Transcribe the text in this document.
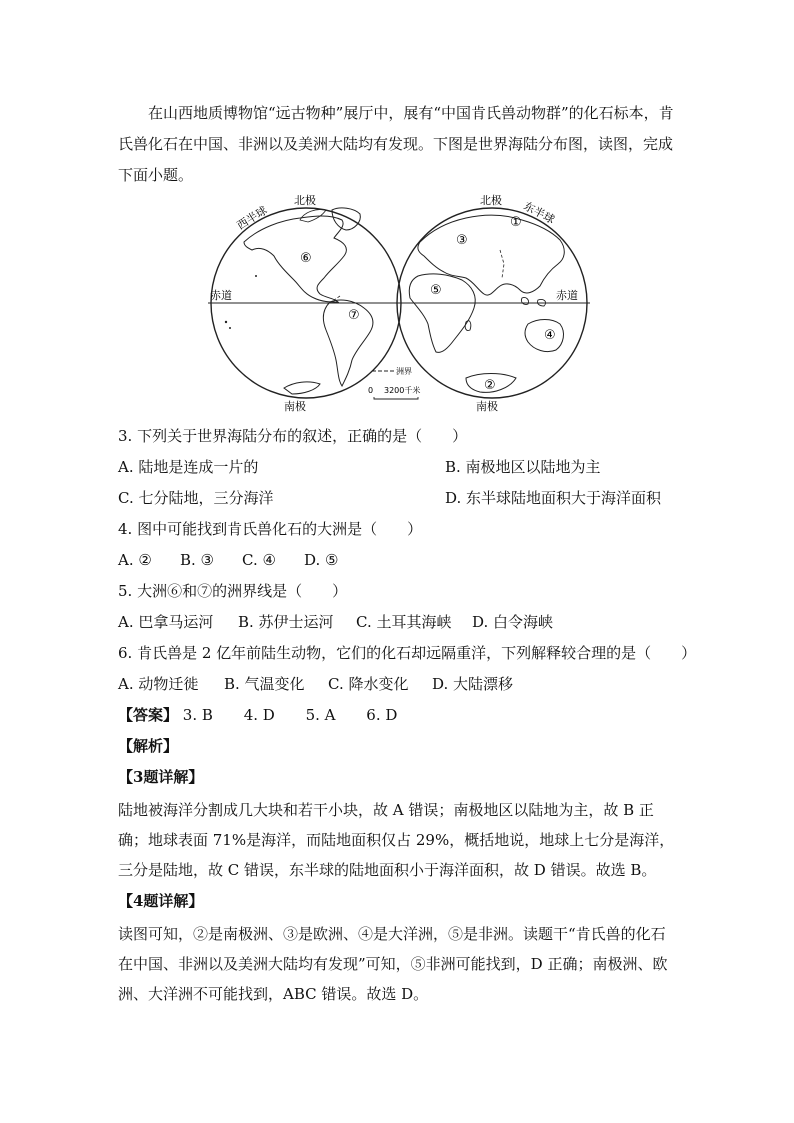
在山西地质博物馆“远古物种”展厅中，展有“中国肯氏兽动物群”的化石标本，肯氏兽化石在中国、非洲以及美洲大陆均有发现。下图是世界海陆分布图，读图，完成下面小题。

西半球	东半球
北极	北极
南极	南极
赤道	赤道
①
②
③
④
⑤
⑥
⑦
洲界
0 3200千米
3. 下列关于世界海陆分布的叙述，正确的是（　　）
A. 陆地是连成一片的	B. 南极地区以陆地为主
C. 七分陆地，三分海洋	D. 东半球陆地面积大于海洋面积
4. 图中可能找到肯氏兽化石的大洲是（　　）
A. ② B. ③ C. ④ D. ⑤
5. 大洲⑥和⑦的洲界线是（　　）
A. 巴拿马运河 B. 苏伊士运河 C. 土耳其海峡 D. 白令海峡
6. 肯氏兽是 2 亿年前陆生动物，它们的化石却远隔重洋，下列解释较合理的是（　　）
A. 动物迁徙 B. 气温变化 C. 降水变化 D. 大陆漂移
【答案】 3. B 4. D 5. A 6. D
【解析】
【3题详解】

陆地被海洋分割成几大块和若干小块，故 A 错误；南极地区以陆地为主，故 B 正确；地球表面 71%是海洋，而陆地面积仅占 29%，概括地说，地球上七分是海洋，三分是陆地，故 C 错误，东半球的陆地面积小于海洋面积，故 D 错误。故选 B。

【4题详解】

读图可知，②是南极洲、③是欧洲、④是大洋洲，⑤是非洲。读题干“肯氏兽的化石在中国、非洲以及美洲大陆均有发现”可知，⑤非洲可能找到，D 正确；南极洲、欧洲、大洋洲不可能找到，ABC 错误。故选 D。
